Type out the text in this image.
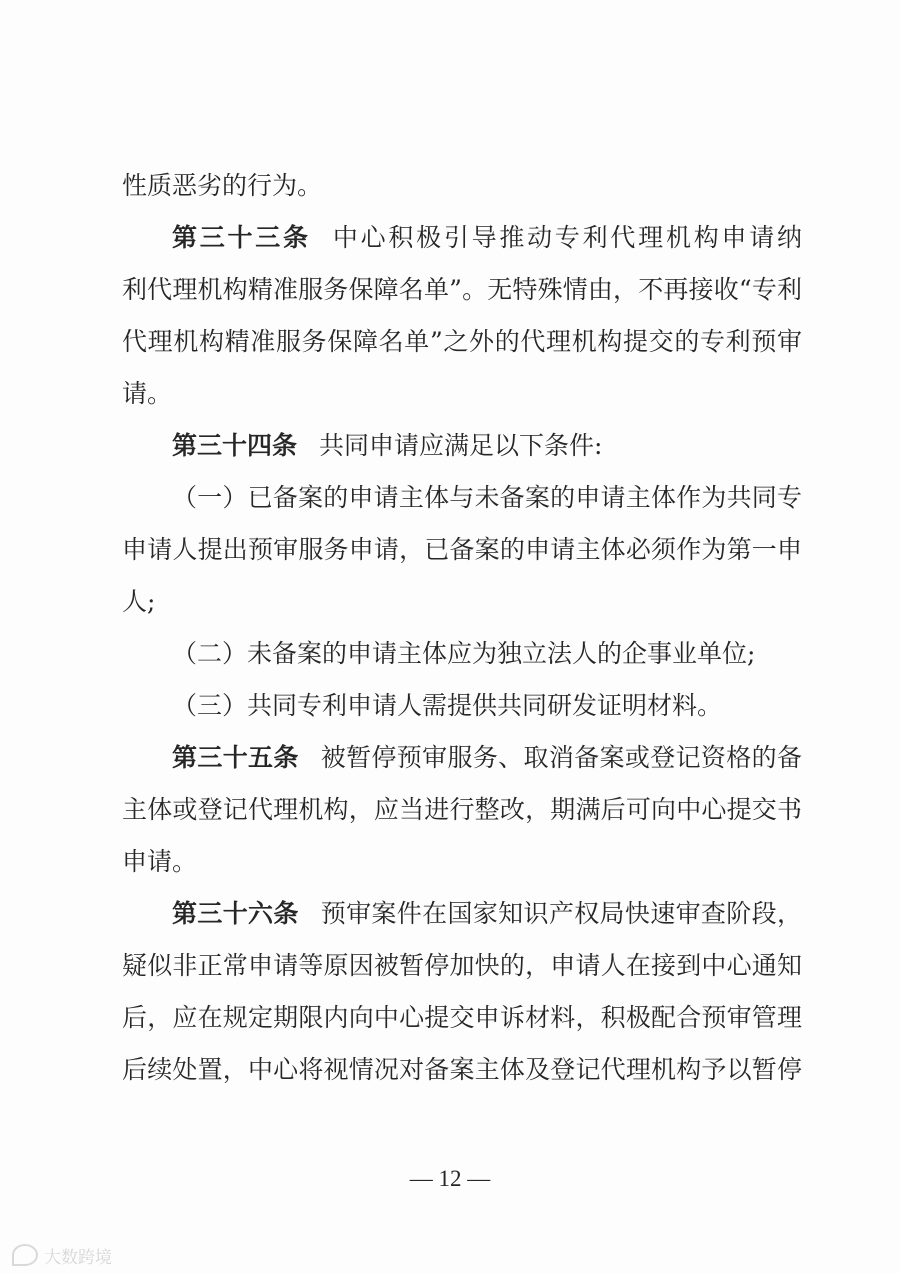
性质恶劣的行为。
第三十三条 中心积极引导推动专利代理机构申请纳
利代理机构精准服务保障名单”。无特殊情由，不再接收“专利
代理机构精准服务保障名单”之外的代理机构提交的专利预审
请。
第三十四条 共同申请应满足以下条件:
（一）已备案的申请主体与未备案的申请主体作为共同专
申请人提出预审服务申请，已备案的申请主体必须作为第一申
人;
（二）未备案的申请主体应为独立法人的企事业单位;
（三）共同专利申请人需提供共同研发证明材料。
第三十五条 被暂停预审服务、取消备案或登记资格的备
主体或登记代理机构，应当进行整改，期满后可向中心提交书
申请。
第三十六条 预审案件在国家知识产权局快速审查阶段，
疑似非正常申请等原因被暂停加快的，申请人在接到中心通知
后，应在规定期限内向中心提交申诉材料，积极配合预审管理
后续处置，中心将视情况对备案主体及登记代理机构予以暂停
— 12 —
大数跨境
